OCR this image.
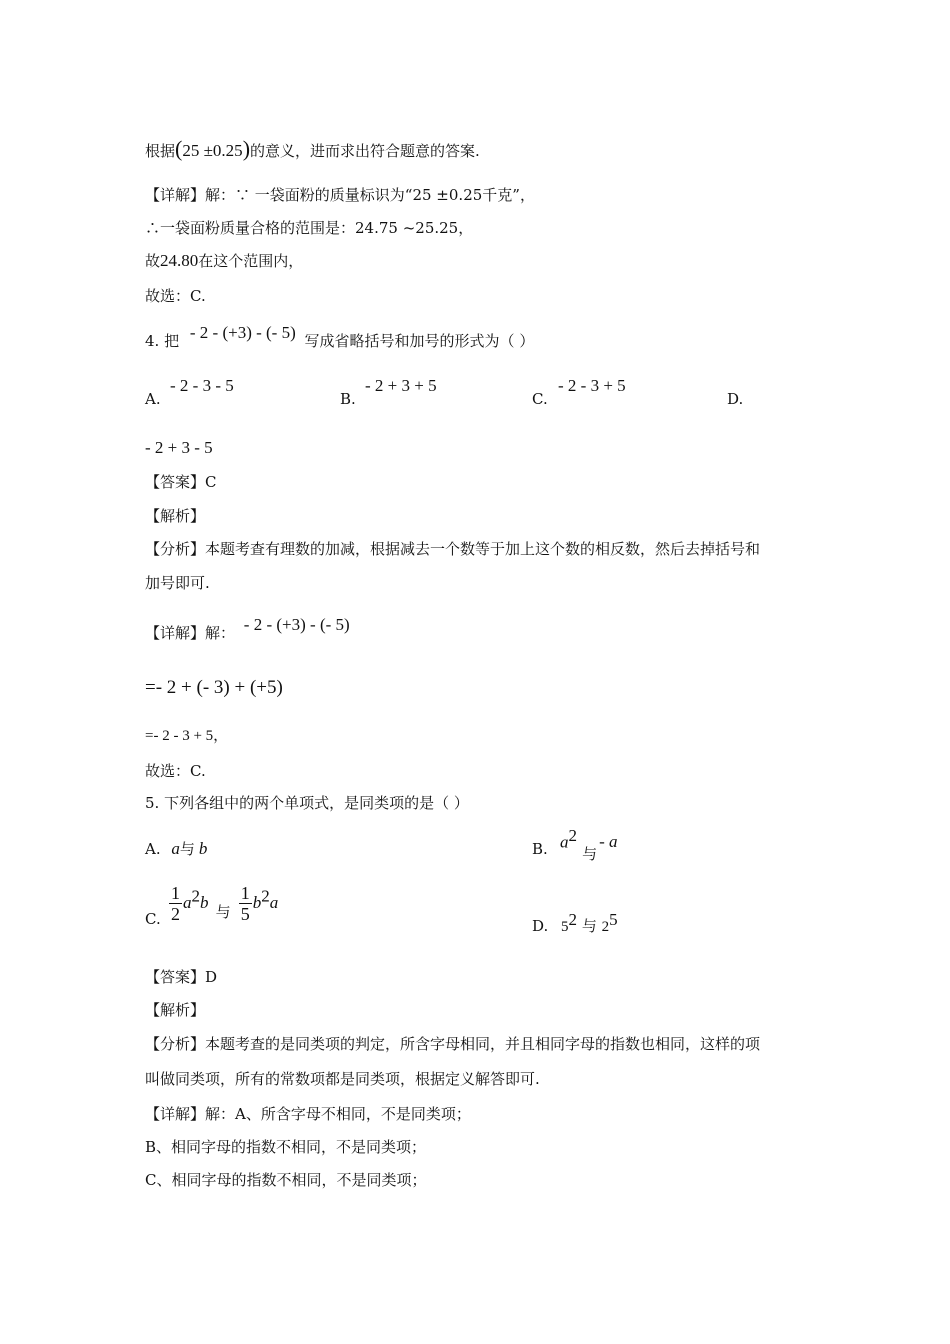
根据(25 ±0.25)的意义，进而求出符合题意的答案.
【详解】解：∵ 一袋面粉的质量标识为“25 ±0.25千克”，
∴一袋面粉质量合格的范围是：24.75 ~25.25，
故24.80在这个范围内，
故选：C.
4. 把 - 2 - (+3) - (- 5) 写成省略括号和加号的形式为（ ）
A.
- 2 - 3 - 5
B.
- 2 + 3 + 5
C.
- 2 - 3 + 5
D.
- 2 + 3 - 5
【答案】C
【解析】
【分析】本题考查有理数的加减，根据减去一个数等于加上这个数的相反数，然后去掉括号和
加号即可.
【详解】解： - 2 - (+3) - (- 5)
=- 2 + (- 3) + (+5)
=- 2 - 3 + 5，
故选：C.
5. 下列各组中的两个单项式，是同类项的是（ ）
A. a与 b	B. $a^2$ 与- a
C. $\frac{1}{2} a^2b$ 与 $\frac{1}{5} b^2a$
D. $5^2$ 与 $2^5$
【答案】D
【解析】
【分析】本题考查的是同类项的判定，所含字母相同，并且相同字母的指数也相同，这样的项
叫做同类项，所有的常数项都是同类项，根据定义解答即可.
【详解】解：A、所含字母不相同，不是同类项；
B、相同字母的指数不相同，不是同类项；
C、相同字母的指数不相同，不是同类项；
